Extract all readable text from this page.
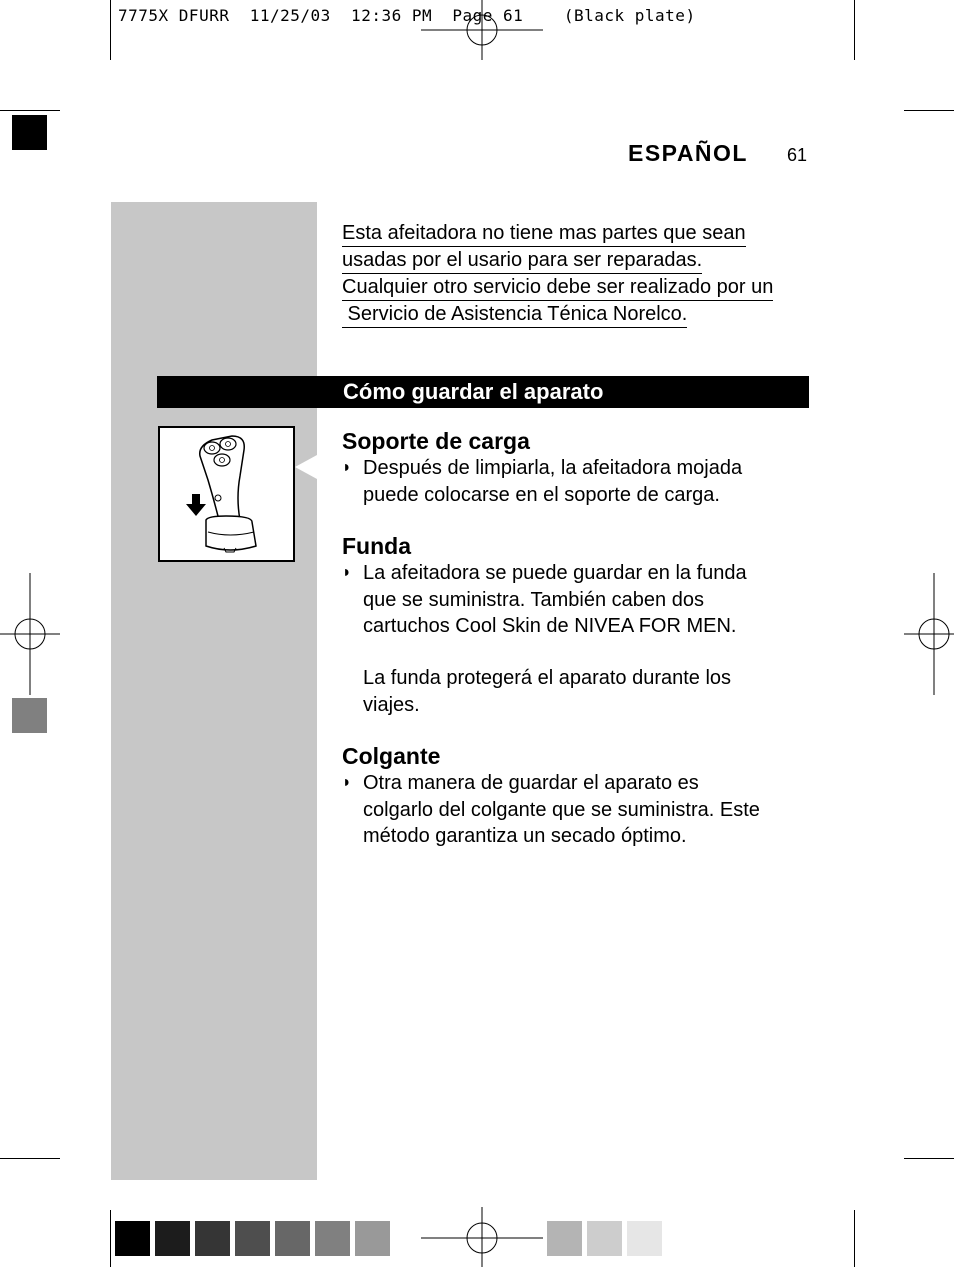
7775X DFURR  11/25/03  12:36 PM  Page 61    (Black plate)
ESPAÑOL 61
Esta afeitadora no tiene mas partes que sean
usadas por el usario para ser reparadas.
Cualquier otro servicio debe ser realizado por un
Servicio de Asistencia Ténica Norelco.
Cómo guardar el aparato
Soporte de carga
◗ Después de limpiarla, la afeitadora mojada
puede colocarse en el soporte de carga.
Funda
◗ La afeitadora se puede guardar en la funda
que se suministra. También caben dos
cartuchos Cool Skin de NIVEA FOR MEN.
La funda protegerá el aparato durante los
viajes.
Colgante
◗ Otra manera de guardar el aparato es
colgarlo del colgante que se suministra. Este
método garantiza un secado óptimo.
